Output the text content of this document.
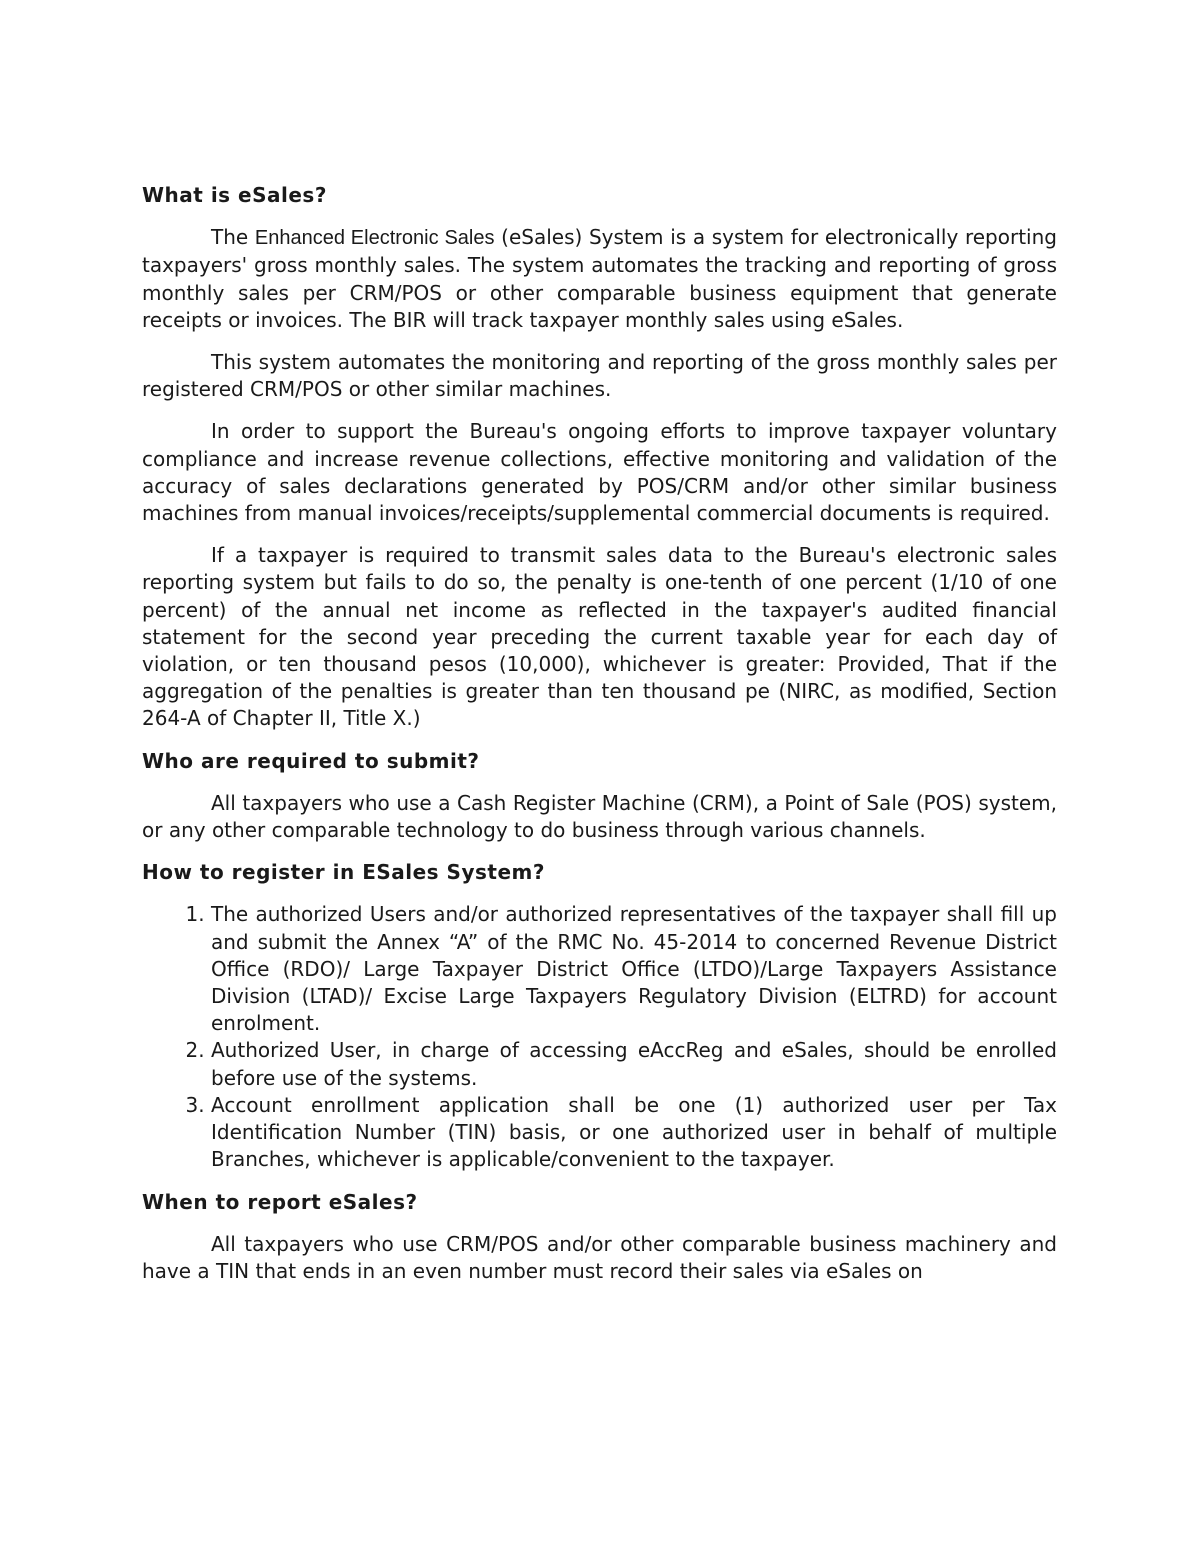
What is eSales?

The Enhanced Electronic Sales (eSales) System is a system for electronically reporting taxpayers' gross monthly sales. The system automates the tracking and reporting of gross monthly sales per CRM/POS or other comparable business equipment that generate receipts or invoices. The BIR will track taxpayer monthly sales using eSales.

This system automates the monitoring and reporting of the gross monthly sales per registered CRM/POS or other similar machines.

In order to support the Bureau's ongoing efforts to improve taxpayer voluntary compliance and increase revenue collections, effective monitoring and validation of the accuracy of sales declarations generated by POS/CRM and/or other similar business machines from manual invoices/receipts/supplemental commercial documents is required.

If a taxpayer is required to transmit sales data to the Bureau's electronic sales reporting system but fails to do so, the penalty is one-tenth of one percent (1/10 of one percent) of the annual net income as reflected in the taxpayer's audited financial statement for the second year preceding the current taxable year for each day of violation, or ten thousand pesos (10,000), whichever is greater: Provided, That if the aggregation of the penalties is greater than ten thousand pe (NIRC, as modified, Section 264-A of Chapter II, Title X.)

Who are required to submit?

All taxpayers who use a Cash Register Machine (CRM), a Point of Sale (POS) system, or any other comparable technology to do business through various channels.

How to register in ESales System?
1. The authorized Users and/or authorized representatives of the taxpayer shall fill up and submit the Annex “A” of the RMC No. 45-2014 to concerned Revenue District Office (RDO)/ Large Taxpayer District Office (LTDO)/Large Taxpayers Assistance Division (LTAD)/ Excise Large Taxpayers Regulatory Division (ELTRD) for account enrolment.
2. Authorized User, in charge of accessing eAccReg and eSales, should be enrolled before use of the systems.
3. Account enrollment application shall be one (1) authorized user per Tax Identification Number (TIN) basis, or one authorized user in behalf of multiple Branches, whichever is applicable/convenient to the taxpayer.
When to report eSales?

All taxpayers who use CRM/POS and/or other comparable business machinery and have a TIN that ends in an even number must record their sales via eSales on
